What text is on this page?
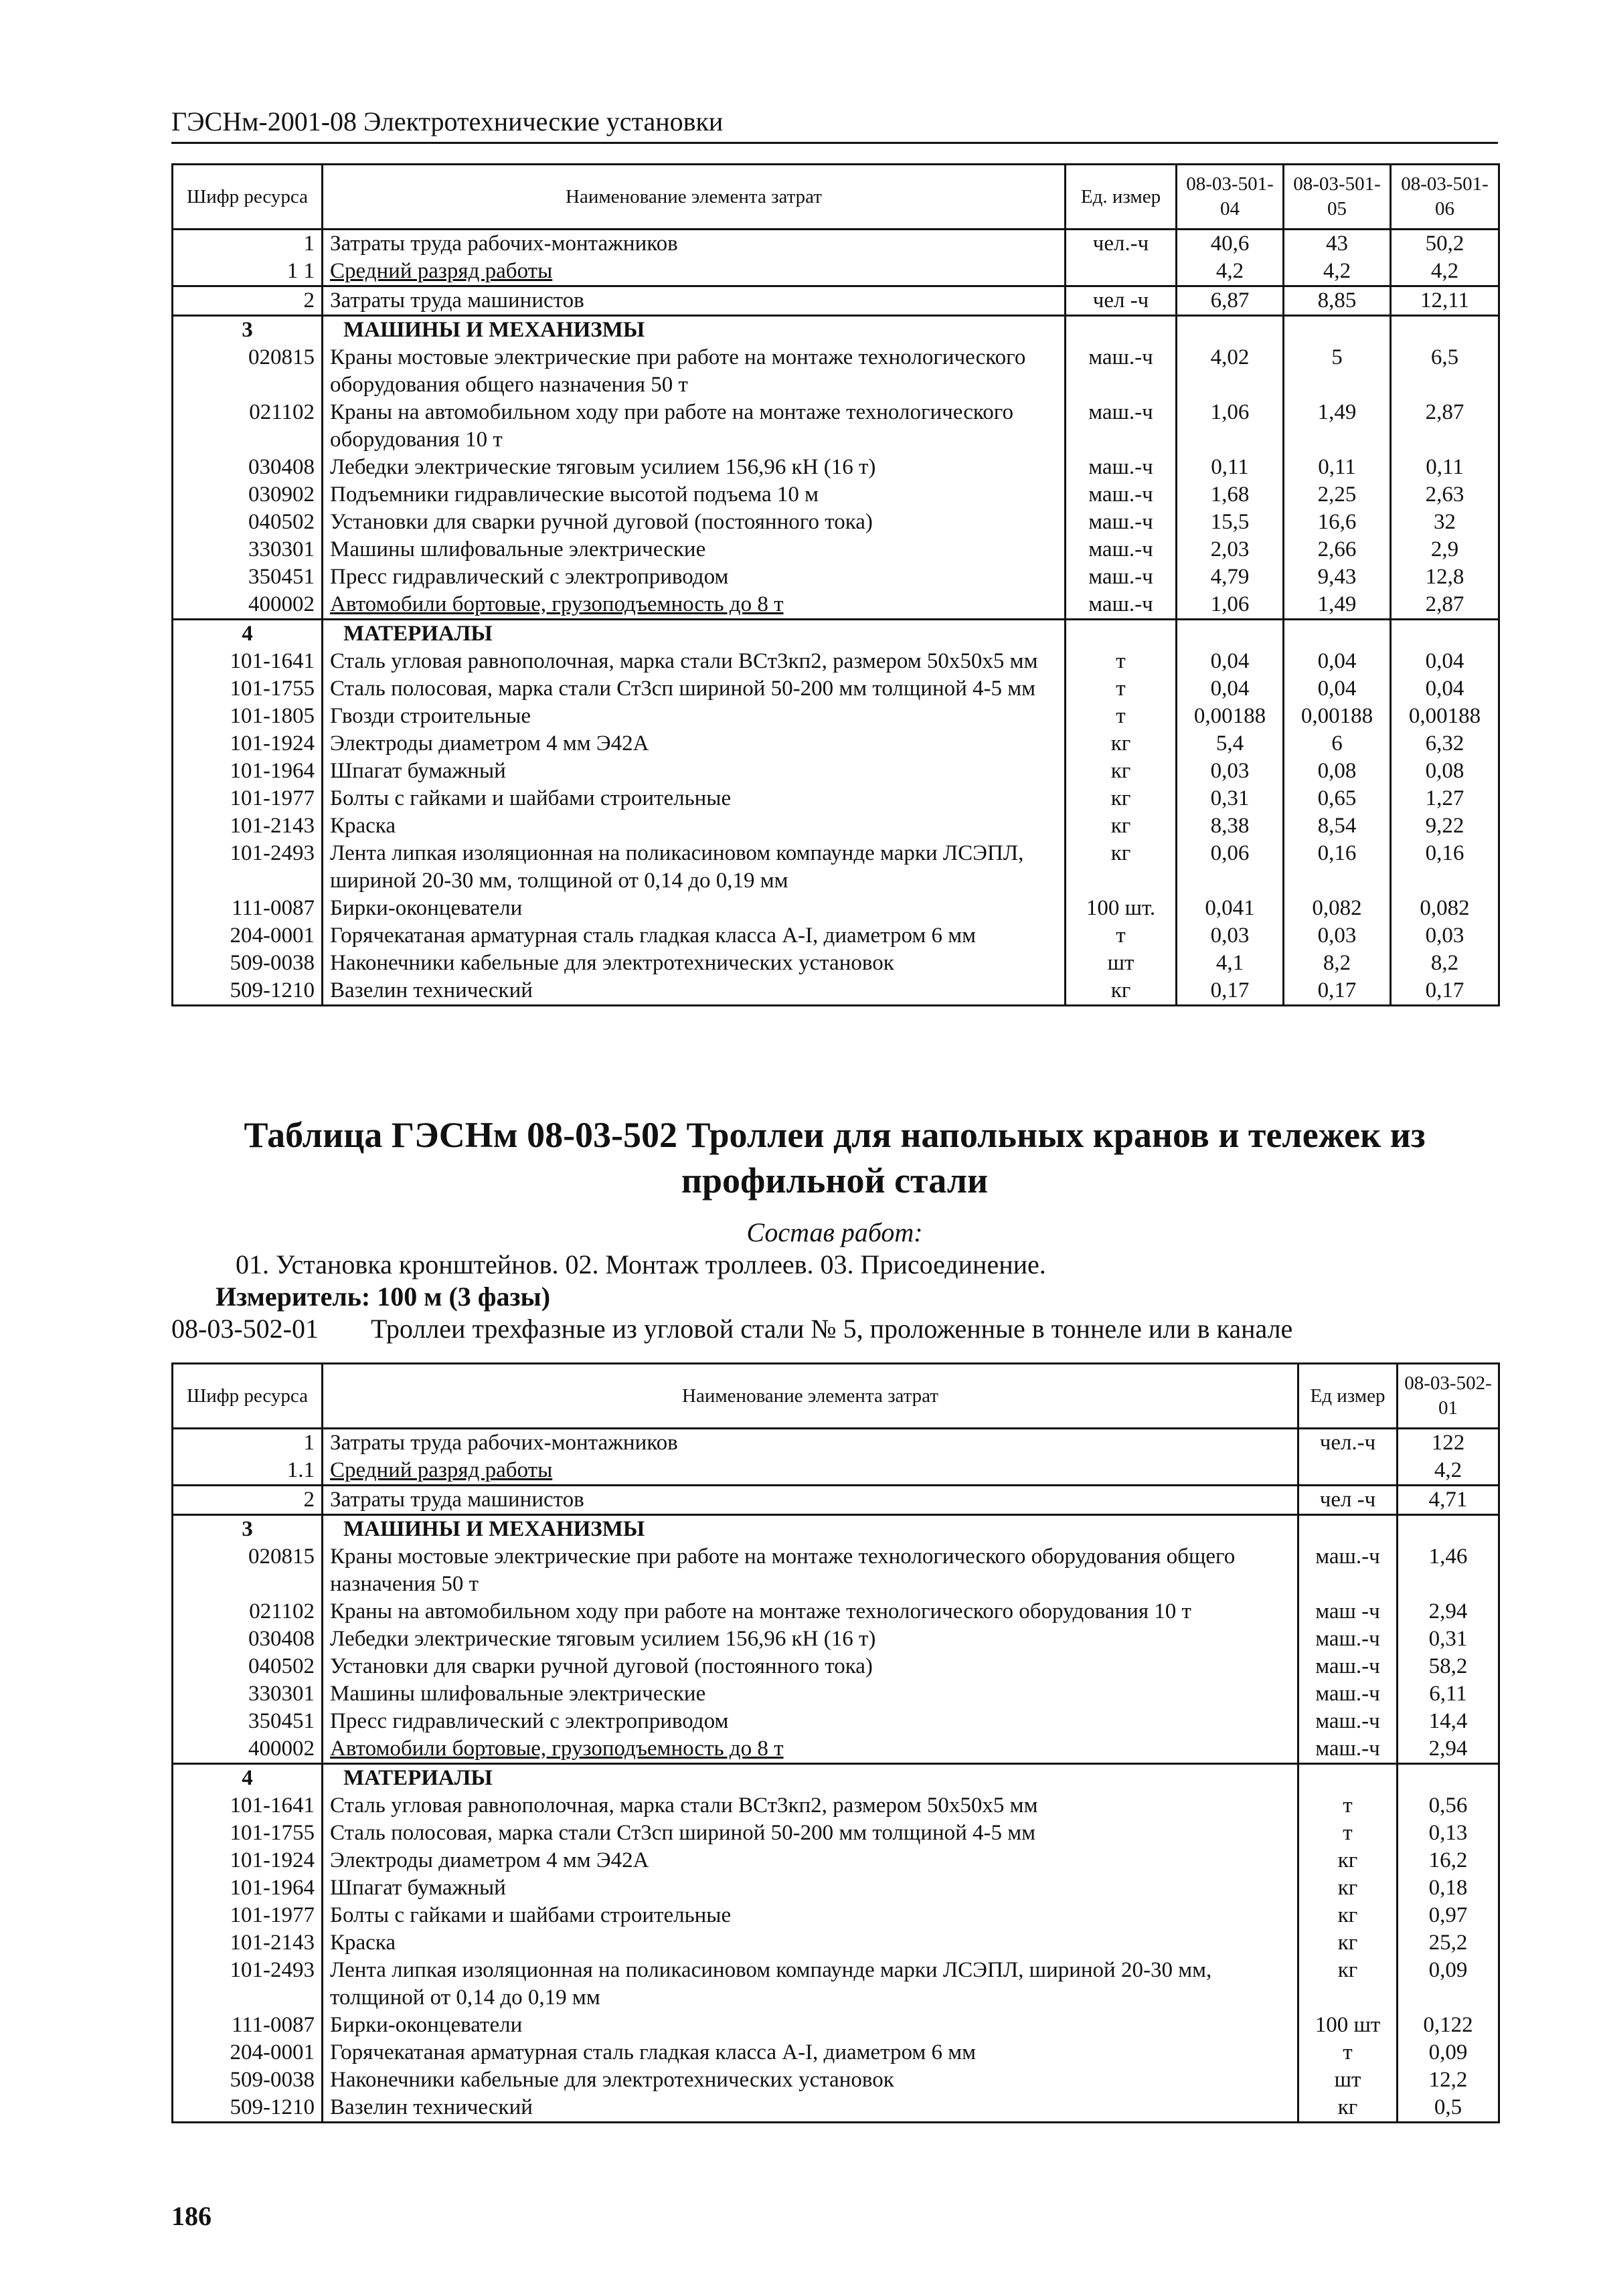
ГЭСНм-2001-08 Электротехнические установки
Шифр ресурса	Наименование элемента затрат	Ед. измер	08-03-501-04	08-03-501-05	08-03-501-06
1	Затраты труда рабочих-монтажников	чел.-ч	40,6	43	50,2
1 1	Средний разряд работы		4,2	4,2	4,2
2	Затраты труда машинистов	чел -ч	6,87	8,85	12,11
3	МАШИНЫ И МЕХАНИЗМЫ				
020815	Краны мостовые электрические при работе на монтаже технологического оборудования общего назначения 50 т	маш.-ч	4,02	5	6,5
021102	Краны на автомобильном ходу при работе на монтаже технологического оборудования 10 т	маш.-ч	1,06	1,49	2,87
030408	Лебедки электрические тяговым усилием 156,96 кН (16 т)	маш.-ч	0,11	0,11	0,11
030902	Подъемники гидравлические высотой подъема 10 м	маш.-ч	1,68	2,25	2,63
040502	Установки для сварки ручной дуговой (постоянного тока)	маш.-ч	15,5	16,6	32
330301	Машины шлифовальные электрические	маш.-ч	2,03	2,66	2,9
350451	Пресс гидравлический с электроприводом	маш.-ч	4,79	9,43	12,8
400002	Автомобили бортовые, грузоподъемность до 8 т	маш.-ч	1,06	1,49	2,87
4	МАТЕРИАЛЫ				
101-1641	Сталь угловая равнополочная, марка стали ВСт3кп2, размером 50х50х5 мм	т	0,04	0,04	0,04
101-1755	Сталь полосовая, марка стали Ст3сп шириной 50-200 мм толщиной 4-5 мм	т	0,04	0,04	0,04
101-1805	Гвозди строительные	т	0,00188	0,00188	0,00188
101-1924	Электроды диаметром 4 мм Э42А	кг	5,4	6	6,32
101-1964	Шпагат бумажный	кг	0,03	0,08	0,08
101-1977	Болты с гайками и шайбами строительные	кг	0,31	0,65	1,27
101-2143	Краска	кг	8,38	8,54	9,22
101-2493	Лента липкая изоляционная на поликасиновом компаунде марки ЛСЭПЛ, шириной 20-30 мм, толщиной от 0,14 до 0,19 мм	кг	0,06	0,16	0,16
111-0087	Бирки-оконцеватели	100 шт.	0,041	0,082	0,082
204-0001	Горячекатаная арматурная сталь гладкая класса А-I, диаметром 6 мм	т	0,03	0,03	0,03
509-0038	Наконечники кабельные для электротехнических установок	шт	4,1	8,2	8,2
509-1210	Вазелин технический	кг	0,17	0,17	0,17
Таблица ГЭСНм 08-03-502 Троллеи для напольных кранов и тележек из профильной стали
Состав работ:
01. Установка кронштейнов. 02. Монтаж троллеев. 03. Присоединение.
Измеритель: 100 м (3 фазы)
08-03-502-01 Троллеи трехфазные из угловой стали № 5, проложенные в тоннеле или в канале
Шифр ресурса	Наименование элемента затрат	Ед измер	08-03-502-01
1	Затраты труда рабочих-монтажников	чел.-ч	122
1.1	Средний разряд работы		4,2
2	Затраты труда машинистов	чел -ч	4,71
3	МАШИНЫ И МЕХАНИЗМЫ		
020815	Краны мостовые электрические при работе на монтаже технологического оборудования общего назначения 50 т	маш.-ч	1,46
021102	Краны на автомобильном ходу при работе на монтаже технологического оборудования 10 т	маш -ч	2,94
030408	Лебедки электрические тяговым усилием 156,96 кН (16 т)	маш.-ч	0,31
040502	Установки для сварки ручной дуговой (постоянного тока)	маш.-ч	58,2
330301	Машины шлифовальные электрические	маш.-ч	6,11
350451	Пресс гидравлический с электроприводом	маш.-ч	14,4
400002	Автомобили бортовые, грузоподъемность до 8 т	маш.-ч	2,94
4	МАТЕРИАЛЫ		
101-1641	Сталь угловая равнополочная, марка стали ВСт3кп2, размером 50х50х5 мм	т	0,56
101-1755	Сталь полосовая, марка стали Ст3сп шириной 50-200 мм толщиной 4-5 мм	т	0,13
101-1924	Электроды диаметром 4 мм Э42А	кг	16,2
101-1964	Шпагат бумажный	кг	0,18
101-1977	Болты с гайками и шайбами строительные	кг	0,97
101-2143	Краска	кг	25,2
101-2493	Лента липкая изоляционная на поликасиновом компаунде марки ЛСЭПЛ, шириной 20-30 мм, толщиной от 0,14 до 0,19 мм	кг	0,09
111-0087	Бирки-оконцеватели	100 шт	0,122
204-0001	Горячекатаная арматурная сталь гладкая класса А-I, диаметром 6 мм	т	0,09
509-0038	Наконечники кабельные для электротехнических установок	шт	12,2
509-1210	Вазелин технический	кг	0,5
186
